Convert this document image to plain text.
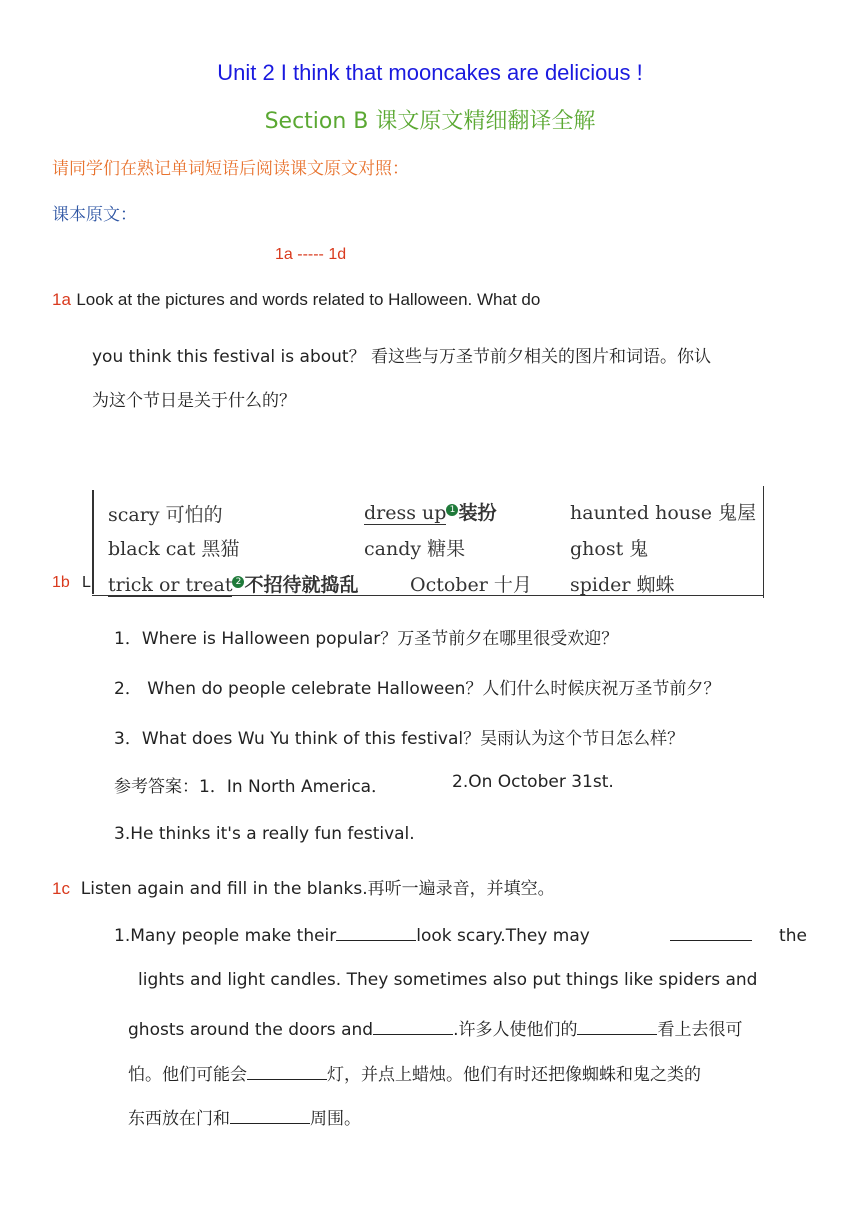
Unit 2 I think that mooncakes are delicious !
Section B 课文原文精细翻译全解
请同学们在熟记单词短语后阅读课文原文对照：
课本原文：
1a ----- 1d
1a Look at the pictures and words related to Halloween. What do
you think this festival is about？ 看这些与万圣节前夕相关的图片和词语。你认
为这个节日是关于什么的？
scary 可怕的	dress up 1 装扮	haunted house 鬼屋
black cat 黑猫	candy 糖果	ghost 鬼
trick or treat 2 不招待就捣乱	October 十月 spider 蜘蛛
1b L
1．Where is Halloween popular？万圣节前夕在哪里很受欢迎？
2． When do people celebrate Halloween？人们什么时候庆祝万圣节前夕？
3．What does Wu Yu think of this festival？吴雨认为这个节日怎么样？
参考答案：1．In North America．	2.On October 31st.
3.He thinks it's a really fun festival.
1c Listen again and fill in the blanks.再听一遍录音，并填空。
1.Many people make their	look scary.They may	the
lights and light candles. They sometimes also put things like spiders and
ghosts around the doors and	.许多人使他们的	看上去很可
怕。他们可能会	灯，并点上蜡烛。他们有时还把像蜘蛛和鬼之类的
东西放在门和	周围。
